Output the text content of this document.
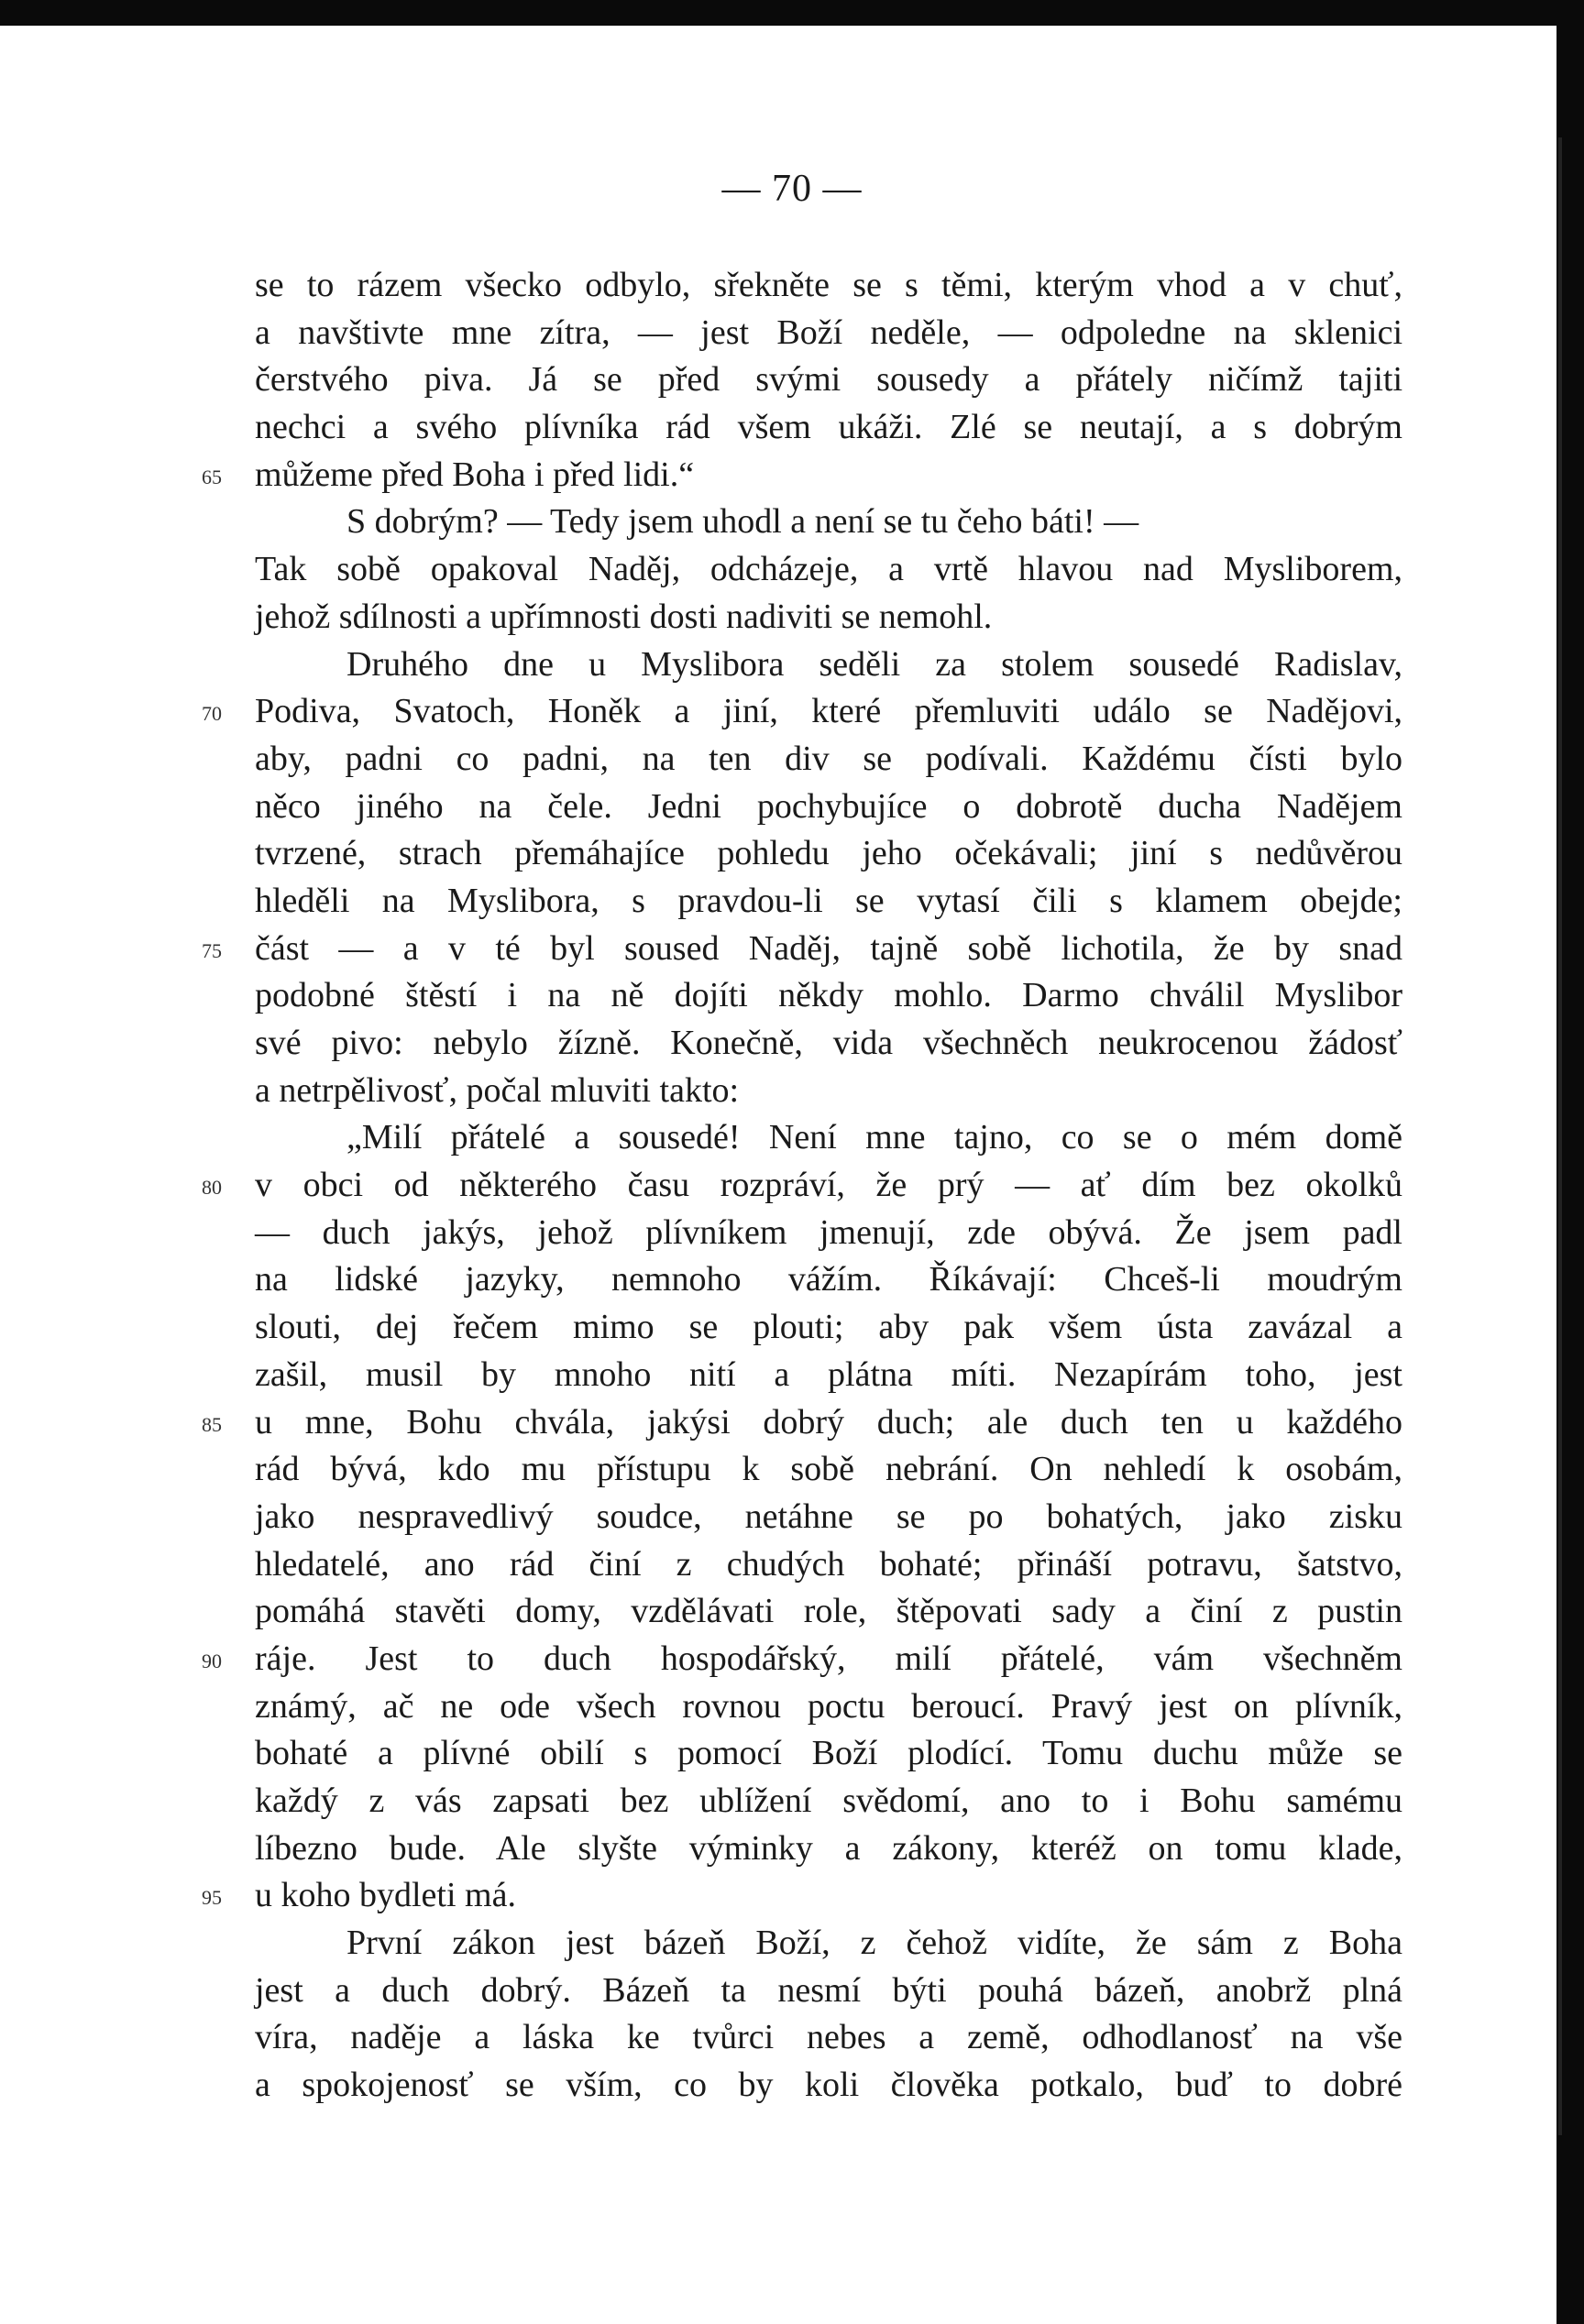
— 70 —
se to rázem všecko odbylo, sřekněte se s těmi, kterým vhod a v chuť,
a navštivte mne zítra, — jest Boží neděle, — odpoledne na sklenici
čerstvého piva. Já se před svými sousedy a přátely ničímž tajiti
nechci a svého plívníka rád všem ukáži. Zlé se neutají, a s dobrým
65 můžeme před Boha i před lidi.“
S dobrým? — Tedy jsem uhodl a není se tu čeho báti! —
Tak sobě opakoval Naděj, odcházeje, a vrtě hlavou nad Mysliborem,
jehož sdílnosti a upřímnosti dosti nadiviti se nemohl.
Druhého dne u Myslibora seděli za stolem sousedé Radislav,
70 Podiva, Svatoch, Honěk a jiní, které přemluviti událo se Nadějovi,
aby, padni co padni, na ten div se podívali. Každému čísti bylo
něco jiného na čele. Jedni pochybujíce o dobrotě ducha Nadějem
tvrzené, strach přemáhajíce pohledu jeho očekávali; jiní s nedůvěrou
hleděli na Myslibora, s pravdou-li se vytasí čili s klamem obejde;
75 část — a v té byl soused Naděj, tajně sobě lichotila, že by snad
podobné štěstí i na ně dojíti někdy mohlo. Darmo chválil Myslibor
své pivo: nebylo žízně. Konečně, vida všechněch neukrocenou žádosť
a netrpělivosť, počal mluviti takto:
„Milí přátelé a sousedé! Není mne tajno, co se o mém domě
80 v obci od některého času rozpráví, že prý — ať dím bez okolků
— duch jakýs, jehož plívníkem jmenují, zde obývá. Že jsem padl
na lidské jazyky, nemnoho vážím. Říkávají: Chceš-li moudrým
slouti, dej řečem mimo se plouti; aby pak všem ústa zavázal a
zašil, musil by mnoho nití a plátna míti. Nezapírám toho, jest
85 u mne, Bohu chvála, jakýsi dobrý duch; ale duch ten u každého
rád bývá, kdo mu přístupu k sobě nebrání. On nehledí k osobám,
jako nespravedlivý soudce, netáhne se po bohatých, jako zisku
hledatelé, ano rád činí z chudých bohaté; přináší potravu, šatstvo,
pomáhá stavěti domy, vzdělávati role, štěpovati sady a činí z pustin
90 ráje. Jest to duch hospodářský, milí přátelé, vám všechněm
známý, ač ne ode všech rovnou poctu beroucí. Pravý jest on plívník,
bohaté a plívné obilí s pomocí Boží plodící. Tomu duchu může se
každý z vás zapsati bez ublížení svědomí, ano to i Bohu samému
líbezno bude. Ale slyšte výminky a zákony, kteréž on tomu klade,
95 u koho bydleti má.
První zákon jest bázeň Boží, z čehož vidíte, že sám z Boha
jest a duch dobrý. Bázeň ta nesmí býti pouhá bázeň, anobrž plná
víra, naděje a láska ke tvůrci nebes a země, odhodlanosť na vše
a spokojenosť se vším, co by koli člověka potkalo, buď to dobré
